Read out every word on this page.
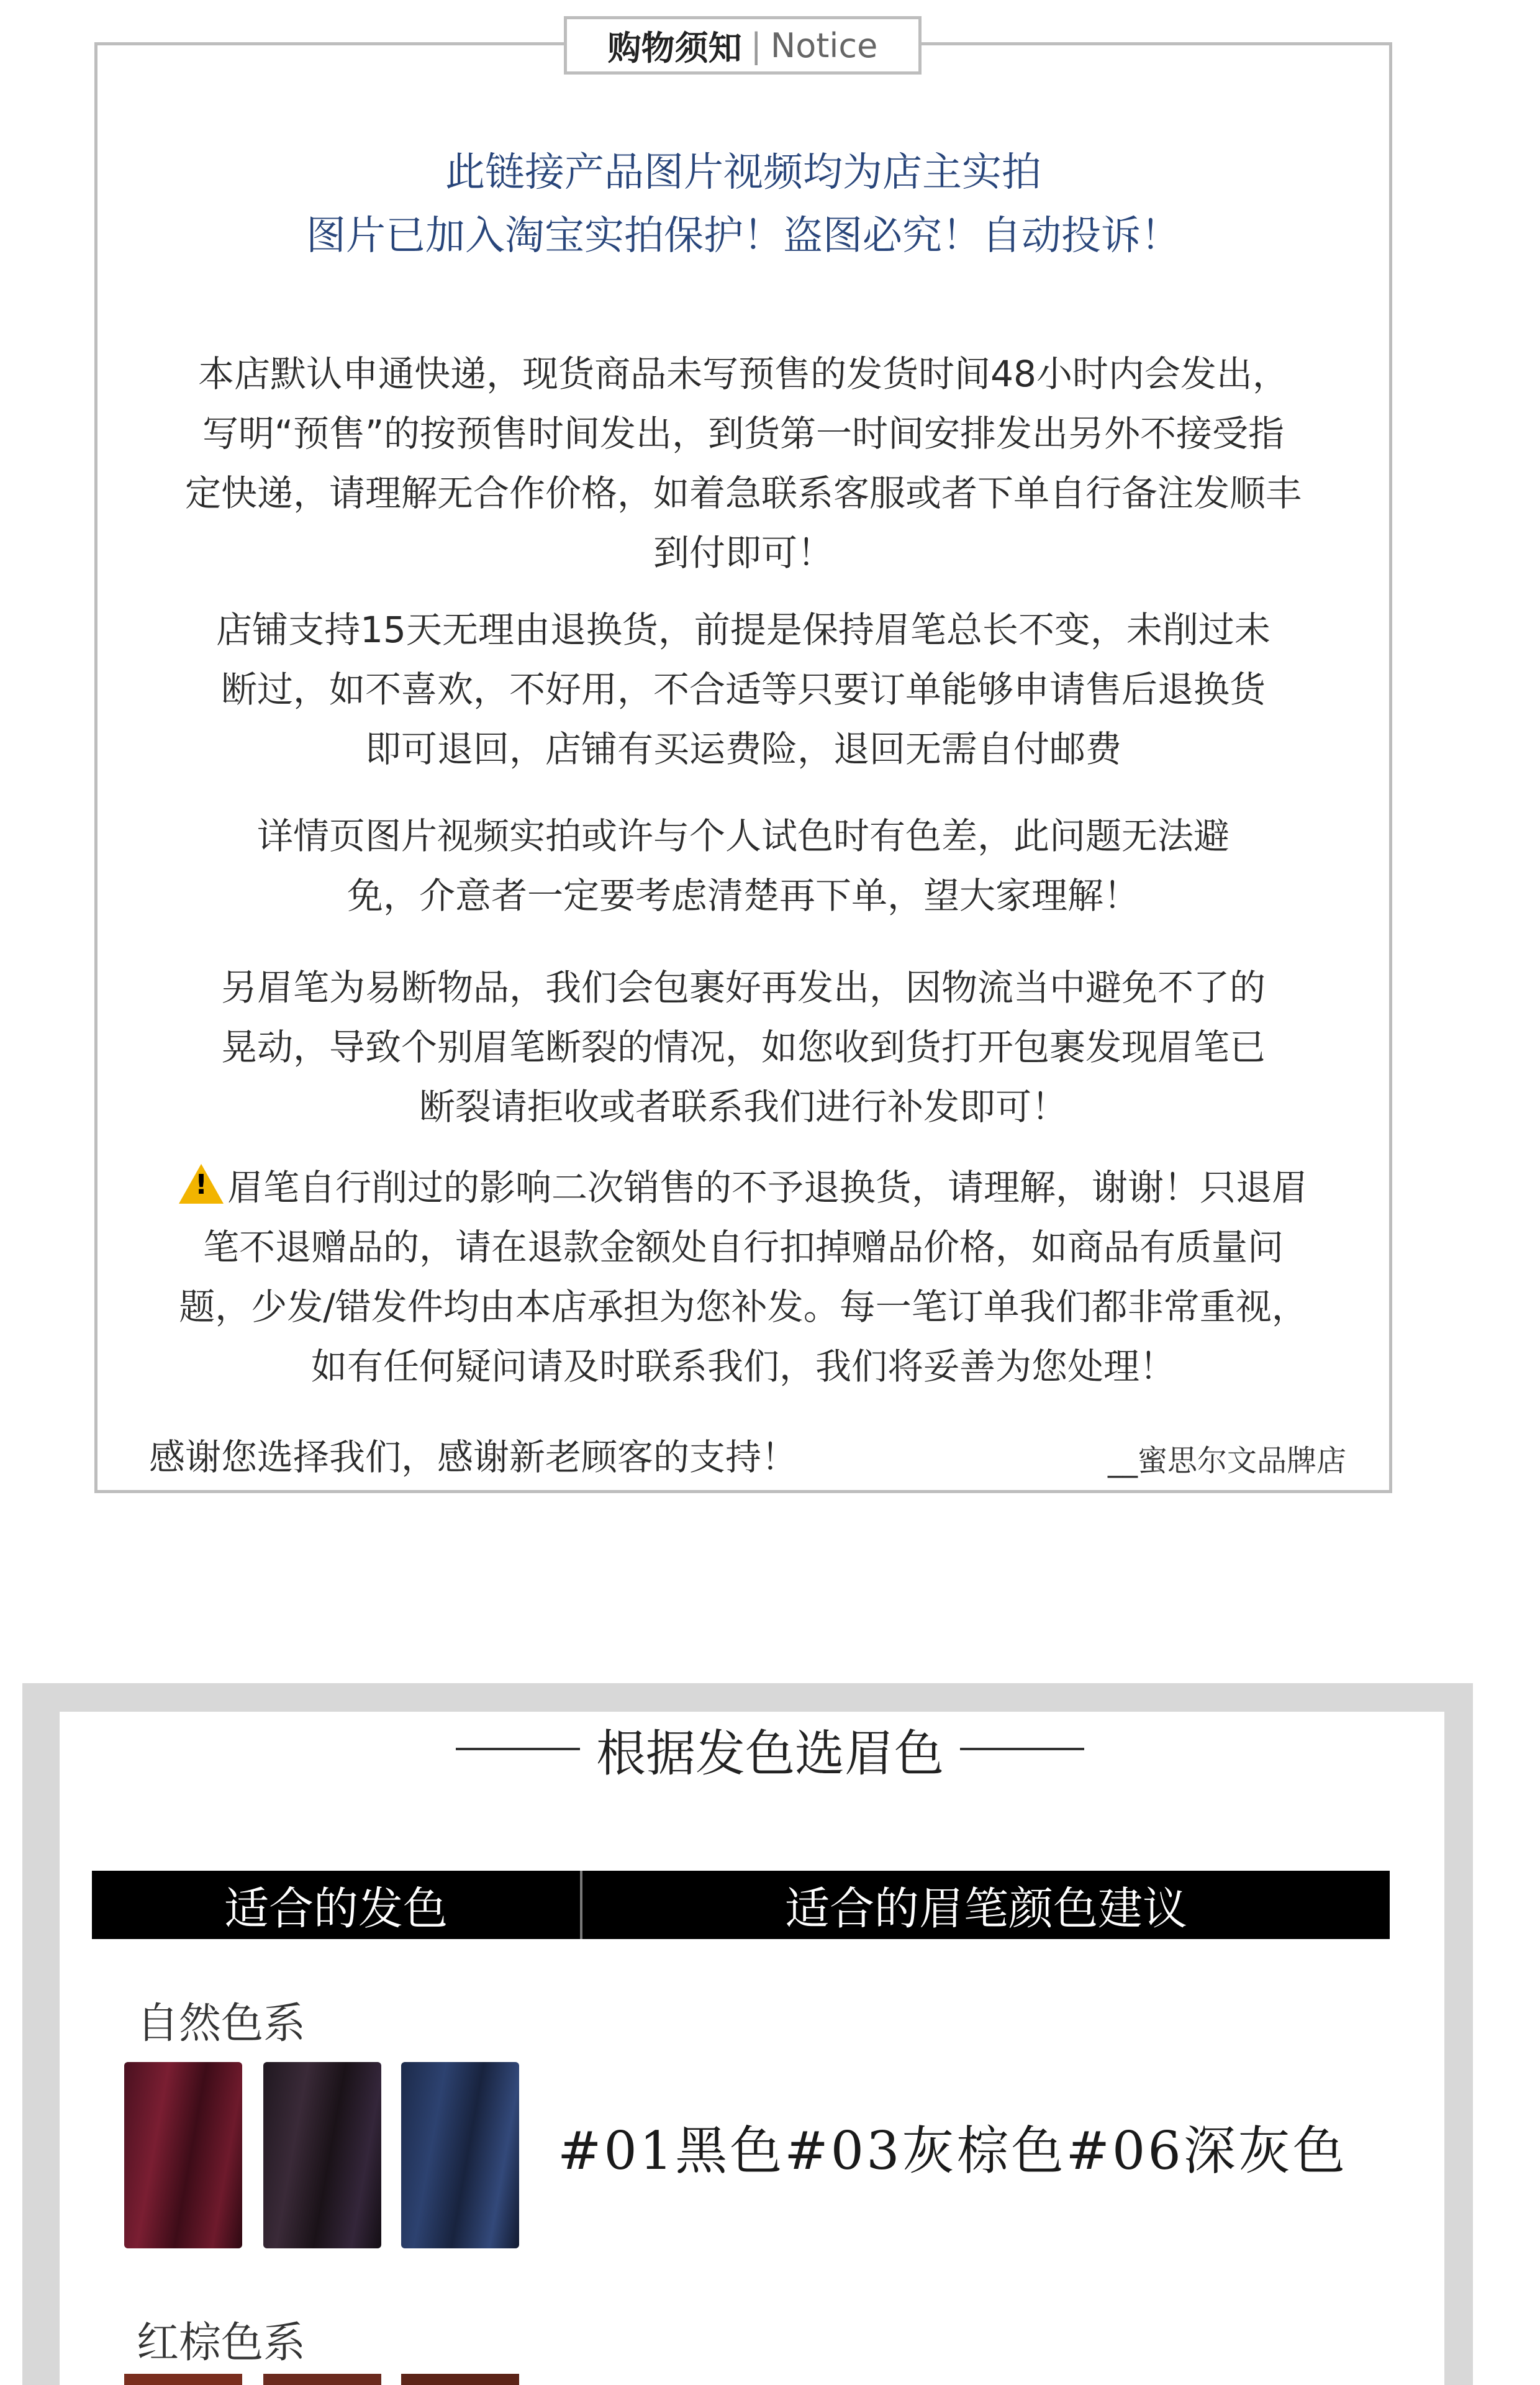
购物须知 | Notice
此链接产品图片视频均为店主实拍
图片已加入淘宝实拍保护！盗图必究！自动投诉！
本店默认申通快递，现货商品未写预售的发货时间48小时内会发出，
写明“预售”的按预售时间发出，到货第一时间安排发出另外不接受指
定快递，请理解无合作价格，如着急联系客服或者下单自行备注发顺丰
到付即可！
店铺支持15天无理由退换货，前提是保持眉笔总长不变，未削过未
断过，如不喜欢，不好用，不合适等只要订单能够申请售后退换货
即可退回，店铺有买运费险，退回无需自付邮费
详情页图片视频实拍或许与个人试色时有色差，此问题无法避
免，介意者一定要考虑清楚再下单，望大家理解！
另眉笔为易断物品，我们会包裹好再发出，因物流当中避免不了的
晃动，导致个别眉笔断裂的情况，如您收到货打开包裹发现眉笔已
断裂请拒收或者联系我们进行补发即可！
!眉笔自行削过的影响二次销售的不予退换货，请理解，谢谢！只退眉
笔不退赠品的，请在退款金额处自行扣掉赠品价格，如商品有质量问
题，少发/错发件均由本店承担为您补发。每一笔订单我们都非常重视，
如有任何疑问请及时联系我们，我们将妥善为您处理！
感谢您选择我们，感谢新老顾客的支持！	__蜜思尔文品牌店
根据发色选眉色
适合的发色	适合的眉笔颜色建议
自然色系
#01黑色#03灰棕色#06深灰色
红棕色系
